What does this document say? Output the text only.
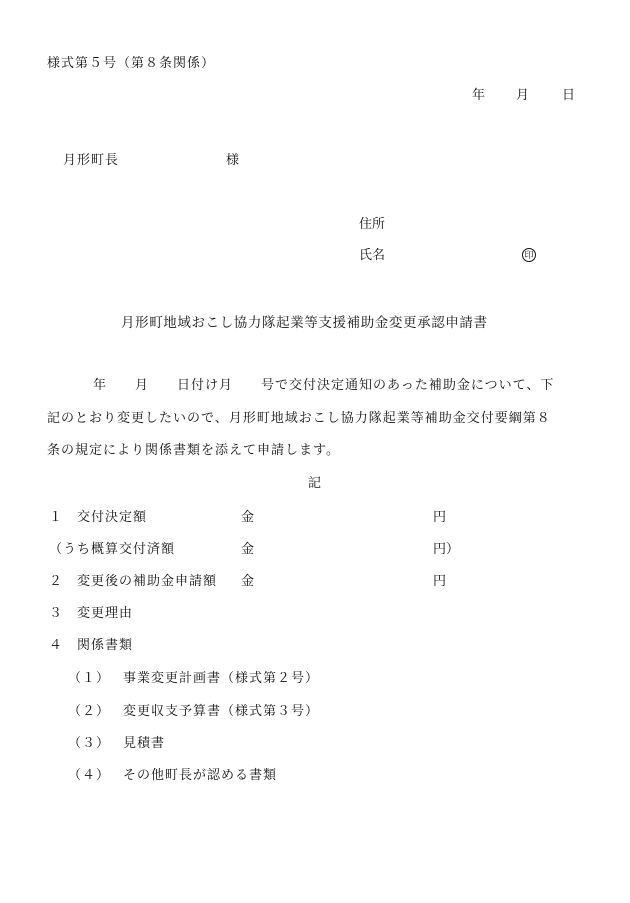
様式第５号（第８条関係）
年 月	日
月形町長	様
住所
氏名	印
月形町地域おこし協力隊起業等支援補助金変更承認申請書
年　　月　　日付け月　　号で交付決定通知のあった補助金について、下
記のとおり変更したいので、月形町地域おこし協力隊起業等補助金交付要綱第８
条の規定により関係書類を添えて申請します。
記
１　交付決定額	金	円
（うち概算交付済額	金	円）
２　変更後の補助金申請額 金	円
３　変更理由
４　関係書類
（１） 事業変更計画書（様式第２号）
（２） 変更収支予算書（様式第３号）
（３） 見積書
（４） その他町長が認める書類
